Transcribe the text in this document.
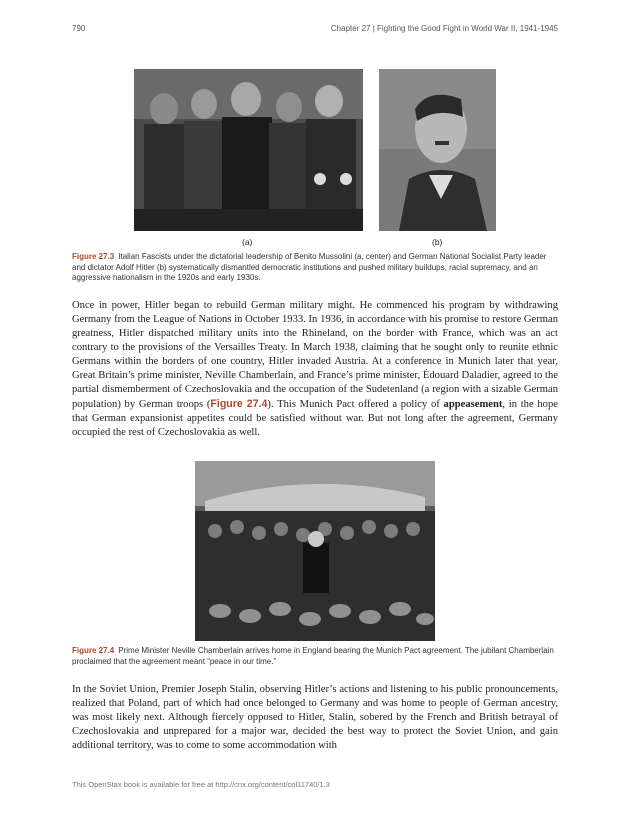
790	Chapter 27 | Fighting the Good Fight in World War II, 1941-1945
(a)	(b)
Figure 27.3 Italian Fascists under the dictatorial leadership of Benito Mussolini (a, center) and German National Socialist Party leader and dictator Adolf Hitler (b) systematically dismantled democratic institutions and pushed military buildups, racial supremacy, and an aggressive nationalism in the 1920s and early 1930s.
Once in power, Hitler began to rebuild German military might. He commenced his program by withdrawing Germany from the League of Nations in October 1933. In 1936, in accordance with his promise to restore German greatness, Hitler dispatched military units into the Rhineland, on the border with France, which was an act contrary to the provisions of the Versailles Treaty. In March 1938, claiming that he sought only to reunite ethnic Germans within the borders of one country, Hitler invaded Austria. At a conference in Munich later that year, Great Britain’s prime minister, Neville Chamberlain, and France’s prime minister, Édouard Daladier, agreed to the partial dismemberment of Czechoslovakia and the occupation of the Sudetenland (a region with a sizable German population) by German troops (Figure 27.4). This Munich Pact offered a policy of appeasement, in the hope that German expansionist appetites could be satisfied without war. But not long after the agreement, Germany occupied the rest of Czechoslovakia as well.
Figure 27.4 Prime Minister Neville Chamberlain arrives home in England bearing the Munich Pact agreement. The jubilant Chamberlain proclaimed that the agreement meant “peace in our time.”
In the Soviet Union, Premier Joseph Stalin, observing Hitler’s actions and listening to his public pronouncements, realized that Poland, part of which had once belonged to Germany and was home to people of German ancestry, was most likely next. Although fiercely opposed to Hitler, Stalin, sobered by the French and British betrayal of Czechoslovakia and unprepared for a major war, decided the best way to protect the Soviet Union, and gain additional territory, was to come to some accommodation with
This OpenStax book is available for free at http://cnx.org/content/col11740/1.3
